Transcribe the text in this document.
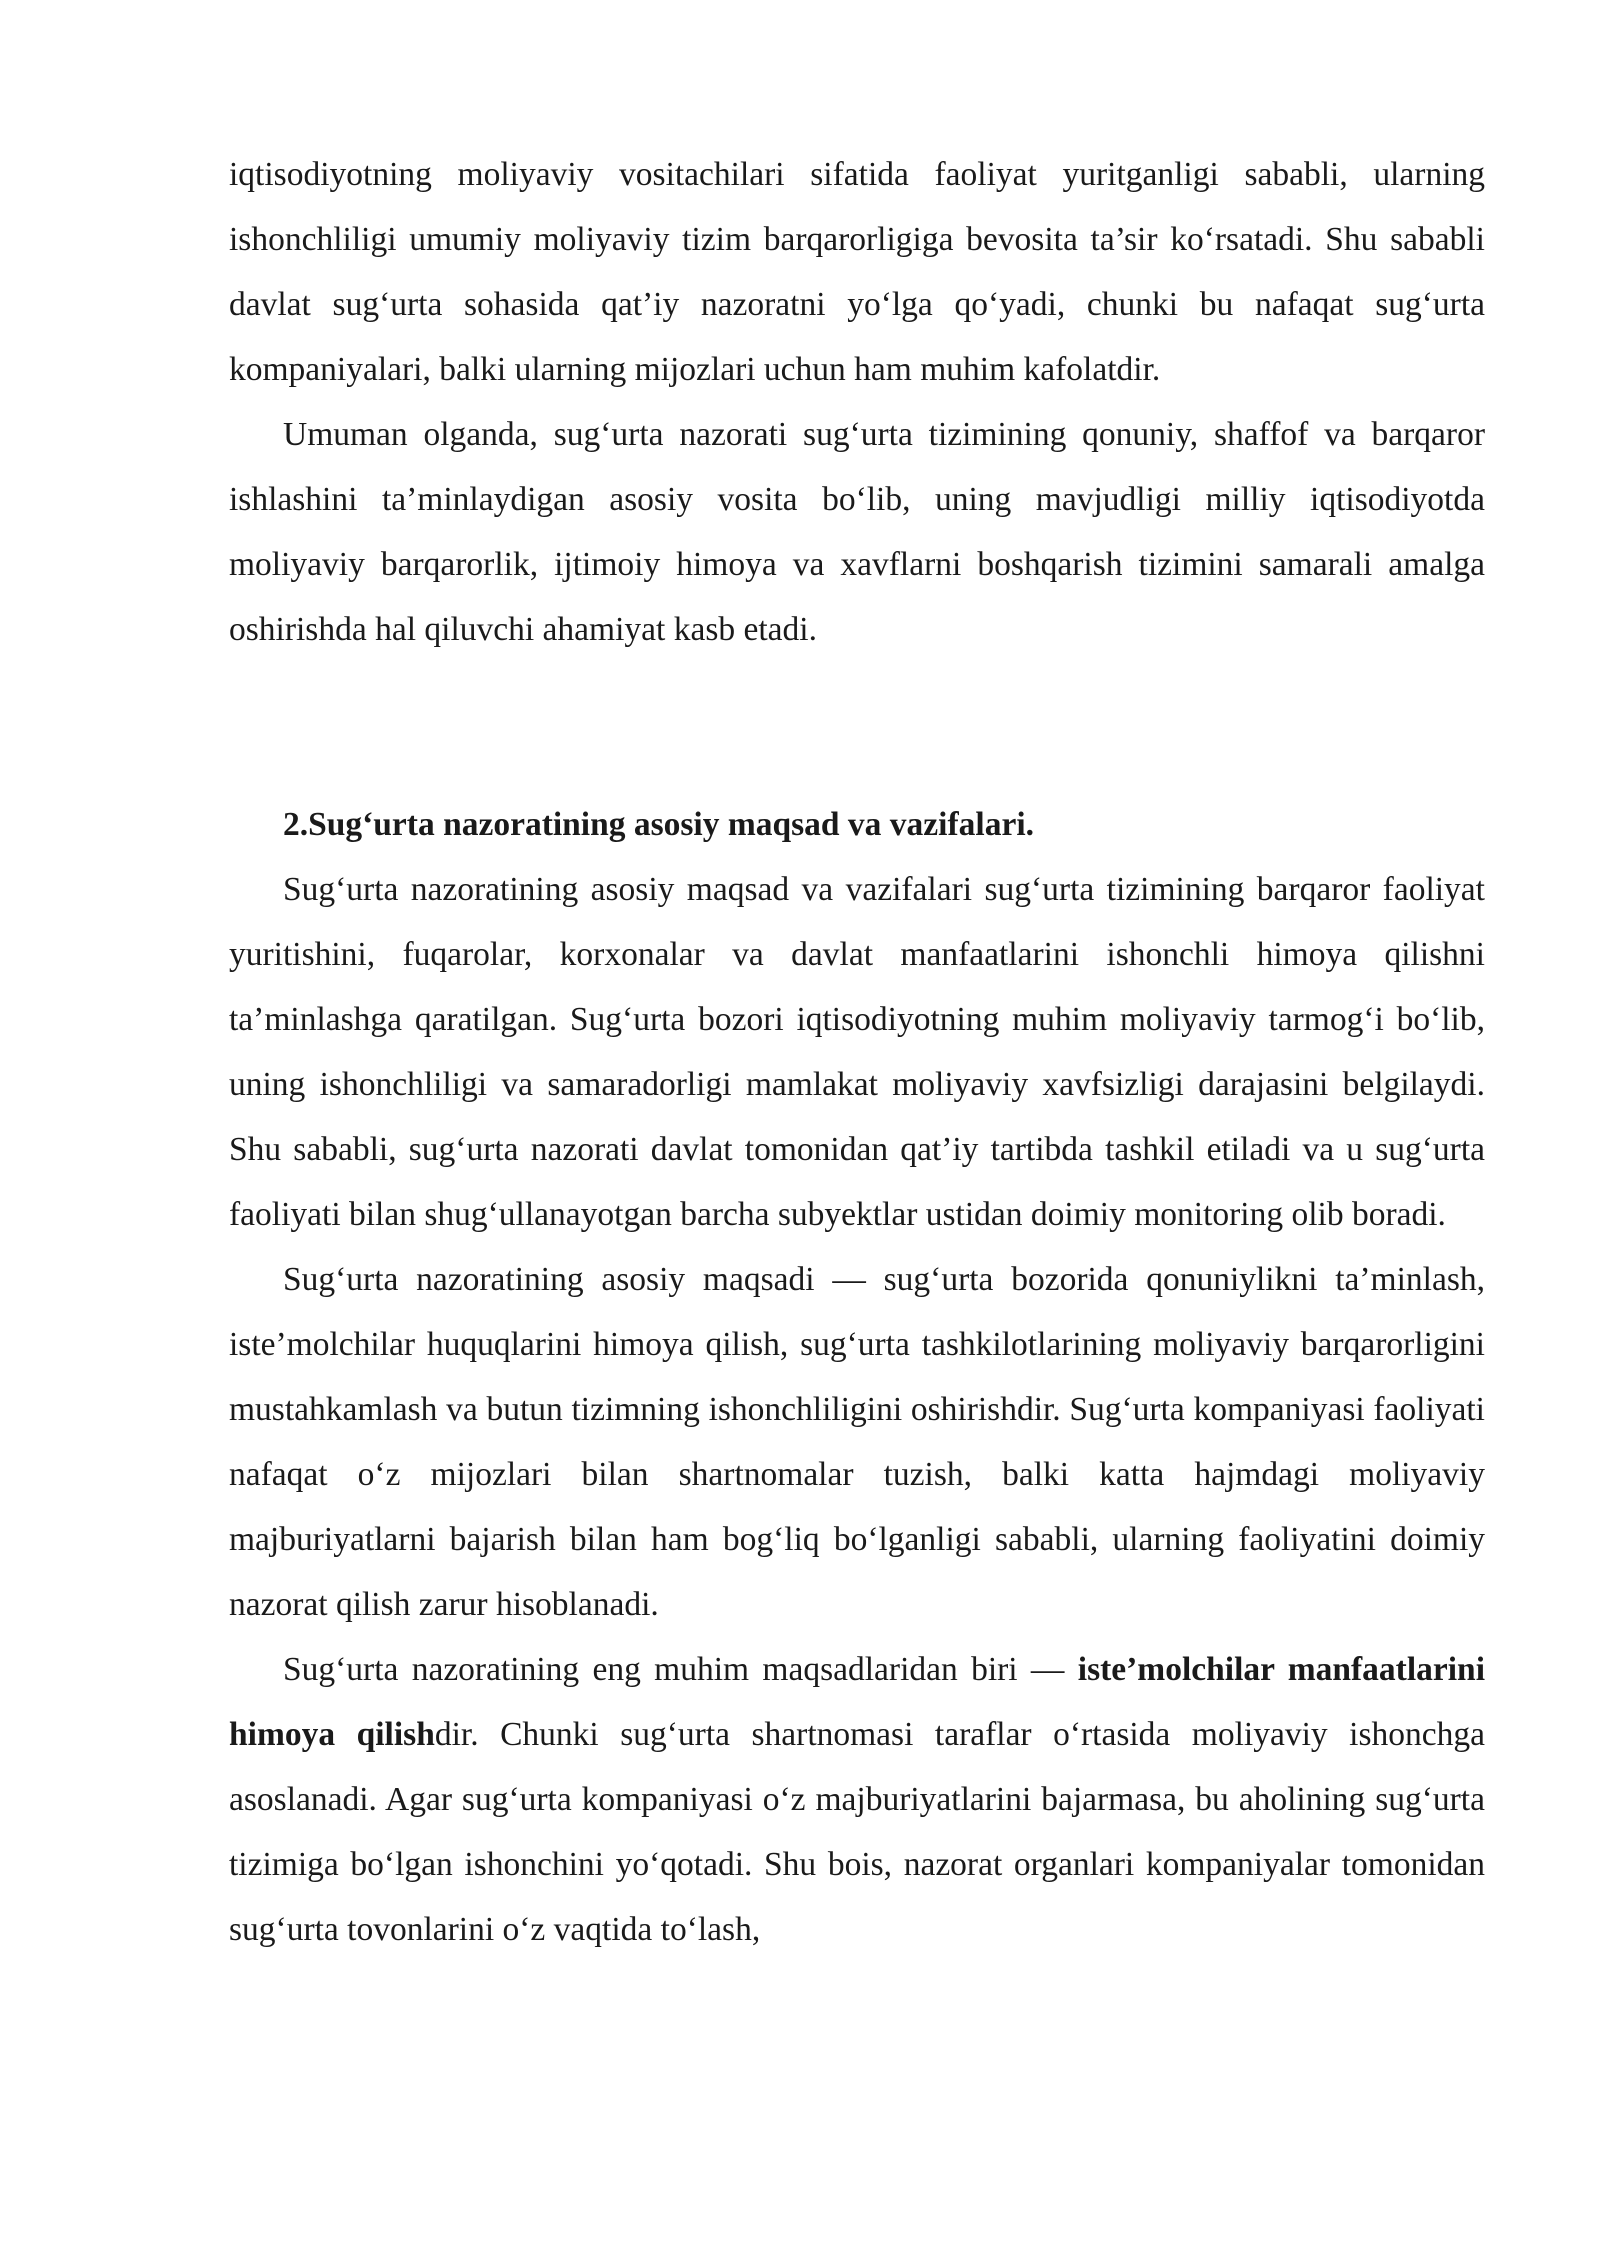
iqtisodiyotning moliyaviy vositachilari sifatida faoliyat yuritganligi sababli, ularning ishonchliligi umumiy moliyaviy tizim barqarorligiga bevosita ta’sir ko‘rsatadi. Shu sababli davlat sug‘urta sohasida qat’iy nazoratni yo‘lga qo‘yadi, chunki bu nafaqat sug‘urta kompaniyalari, balki ularning mijozlari uchun ham muhim kafolatdir.

Umuman olganda, sug‘urta nazorati sug‘urta tizimining qonuniy, shaffof va barqaror ishlashini ta’minlaydigan asosiy vosita bo‘lib, uning mavjudligi milliy iqtisodiyotda moliyaviy barqarorlik, ijtimoiy himoya va xavflarni boshqarish tizimini samarali amalga oshirishda hal qiluvchi ahamiyat kasb etadi.

2.Sug‘urta nazoratining asosiy maqsad va vazifalari.

Sug‘urta nazoratining asosiy maqsad va vazifalari sug‘urta tizimining barqaror faoliyat yuritishini, fuqarolar, korxonalar va davlat manfaatlarini ishonchli himoya qilishni ta’minlashga qaratilgan. Sug‘urta bozori iqtisodiyotning muhim moliyaviy tarmog‘i bo‘lib, uning ishonchliligi va samaradorligi mamlakat moliyaviy xavfsizligi darajasini belgilaydi. Shu sababli, sug‘urta nazorati davlat tomonidan qat’iy tartibda tashkil etiladi va u sug‘urta faoliyati bilan shug‘ullanayotgan barcha subyektlar ustidan doimiy monitoring olib boradi.

Sug‘urta nazoratining asosiy maqsadi — sug‘urta bozorida qonuniylikni ta’minlash, iste’molchilar huquqlarini himoya qilish, sug‘urta tashkilotlarining moliyaviy barqarorligini mustahkamlash va butun tizimning ishonchliligini oshirishdir. Sug‘urta kompaniyasi faoliyati nafaqat o‘z mijozlari bilan shartnomalar tuzish, balki katta hajmdagi moliyaviy majburiyatlarni bajarish bilan ham bog‘liq bo‘lganligi sababli, ularning faoliyatini doimiy nazorat qilish zarur hisoblanadi.

Sug‘urta nazoratining eng muhim maqsadlaridan biri — iste’molchilar manfaatlarini himoya qilishdir. Chunki sug‘urta shartnomasi taraflar o‘rtasida moliyaviy ishonchga asoslanadi. Agar sug‘urta kompaniyasi o‘z majburiyatlarini bajarmasa, bu aholining sug‘urta tizimiga bo‘lgan ishonchini yo‘qotadi. Shu bois, nazorat organlari kompaniyalar tomonidan sug‘urta tovonlarini o‘z vaqtida to‘lash,
